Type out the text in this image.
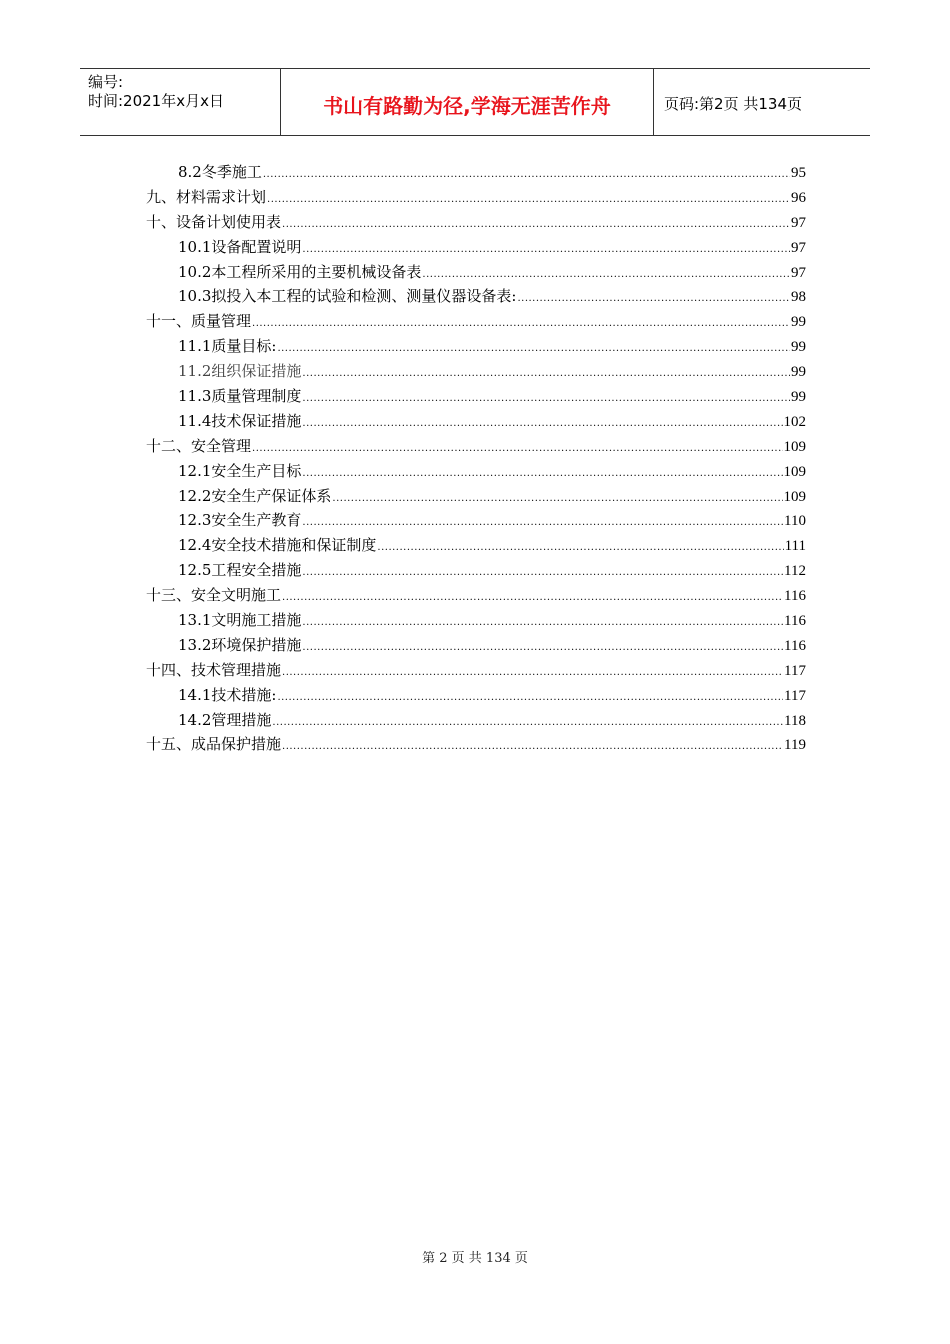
编号:
时间:2021年x月x日	书山有路勤为径,学海无涯苦作舟	页码:第2页 共134页
8.2冬季施工 .....	95
九、材料需求计划 .....	96
十、设备计划使用表 .....	97
10.1设备配置说明 .....	97
10.2本工程所采用的主要机械设备表 .....	97
10.3拟投入本工程的试验和检测、测量仪器设备表: .....	98
十一、质量管理 .....	99
11.1质量目标: .....	99
11.2组织保证措施 .....	99
11.3质量管理制度 .....	99
11.4技术保证措施 .....	102
十二、安全管理 .....	109
12.1安全生产目标 .....	109
12.2安全生产保证体系 .....	109
12.3安全生产教育 .....	110
12.4安全技术措施和保证制度 .....	111
12.5工程安全措施 .....	112
十三、安全文明施工 .....	116
13.1文明施工措施 .....	116
13.2环境保护措施 .....	116
十四、技术管理措施 .....	117
14.1技术措施: .....	117
14.2管理措施 .....	118
十五、成品保护措施 .....	119
第 2 页 共 134 页
